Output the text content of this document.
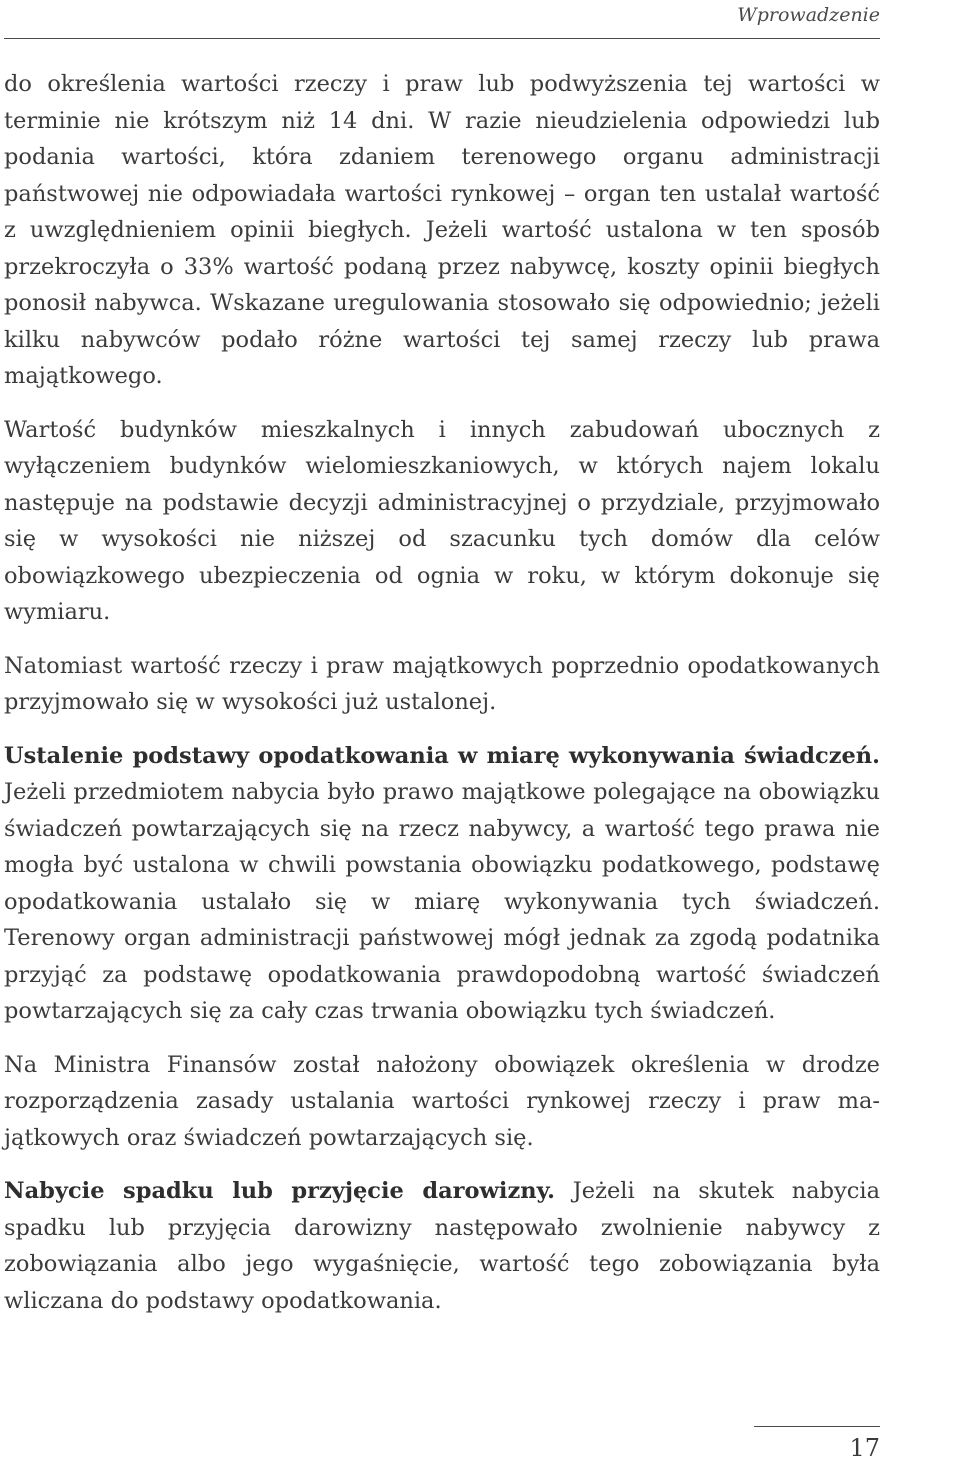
Wprowadzenie

do określenia wartości rzeczy i praw lub podwyższenia tej wartości w terminie nie krótszym niż 14 dni. W razie nieudzielenia odpowiedzi lub podania wartości, która zdaniem terenowego organu administracji państwowej nie odpowiadała wartości rynkowej – organ ten ustalał wartość z uwzględnieniem opinii biegłych. Jeżeli wartość ustalona w ten sposób przekroczyła o 33% wartość podaną przez nabywcę, koszty opinii biegłych ponosił nabywca. Wskazane uregulowania stosowało się odpowiednio; jeżeli kilku nabywców podało różne wartości tej samej rzeczy lub prawa majątkowego.

Wartość budynków mieszkalnych i innych zabudowań ubocznych z wyłączeniem budynków wielomieszkaniowych, w których najem lokalu następuje na podstawie decyzji administracyjnej o przydziale, przyjmowało się w wysokości nie niższej od szacunku tych domów dla celów obowiązkowego ubezpieczenia od ognia w roku, w którym dokonuje się wymiaru.

Natomiast wartość rzeczy i praw majątkowych poprzednio opodatkowanych przyjmowało się w wysokości już ustalonej.

Ustalenie podstawy opodatkowania w miarę wykonywania świadczeń. Jeżeli przedmiotem nabycia było prawo majątkowe polegające na obowiązku świadczeń powtarzających się na rzecz nabywcy, a wartość tego prawa nie mogła być ustalona w chwili powstania obowiązku podatkowego, podstawę opodatkowania ustalało się w miarę wykonywania tych świadczeń. Terenowy organ administracji państwowej mógł jednak za zgodą podatnika przyjąć za podstawę opodatkowania prawdopodobną wartość świadczeń powtarzających się za cały czas trwania obowiązku tych świadczeń.

Na Ministra Finansów został nałożony obowiązek określenia w drodze rozporządzenia zasady ustalania wartości rynkowej rzeczy i praw majątkowych oraz świadczeń powtarzających się.

Nabycie spadku lub przyjęcie darowizny. Jeżeli na skutek nabycia spadku lub przyjęcia darowizny następowało zwolnienie nabywcy z zobowiązania albo jego wygaśnięcie, wartość tego zobowiązania była wliczana do podstawy opodatkowania.

17
